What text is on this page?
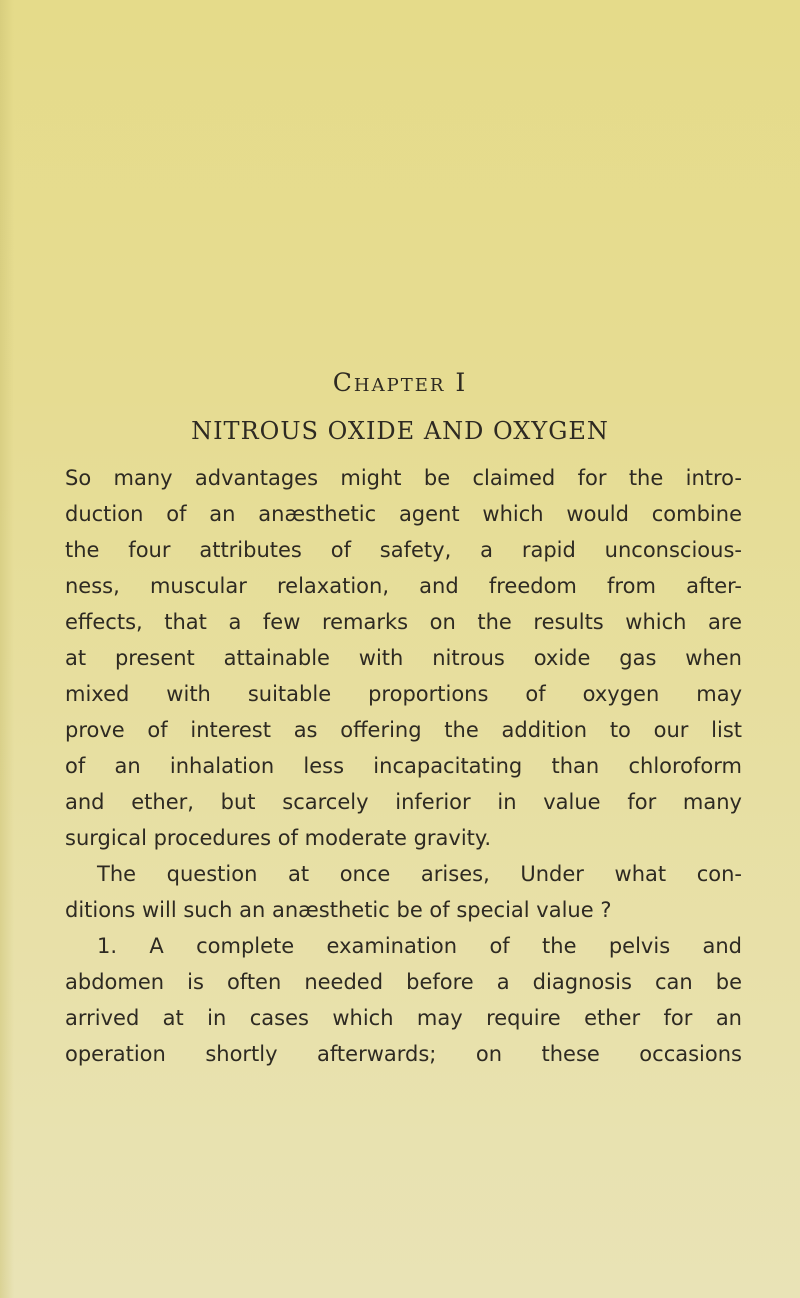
Chapter I
NITROUS OXIDE AND OXYGEN
So many advantages might be claimed for the intro-
duction of an anæsthetic agent which would combine
the four attributes of safety, a rapid unconscious-
ness, muscular relaxation, and freedom from after-
effects, that a few remarks on the results which are
at present attainable with nitrous oxide gas when
mixed with suitable proportions of oxygen may
prove of interest as offering the addition to our list
of an inhalation less incapacitating than chloroform
and ether, but scarcely inferior in value for many
surgical procedures of moderate gravity.
The question at once arises, Under what con-
ditions will such an anæsthetic be of special value ?
1. A complete examination of the pelvis and
abdomen is often needed before a diagnosis can be
arrived at in cases which may require ether for an
operation shortly afterwards; on these occasions
